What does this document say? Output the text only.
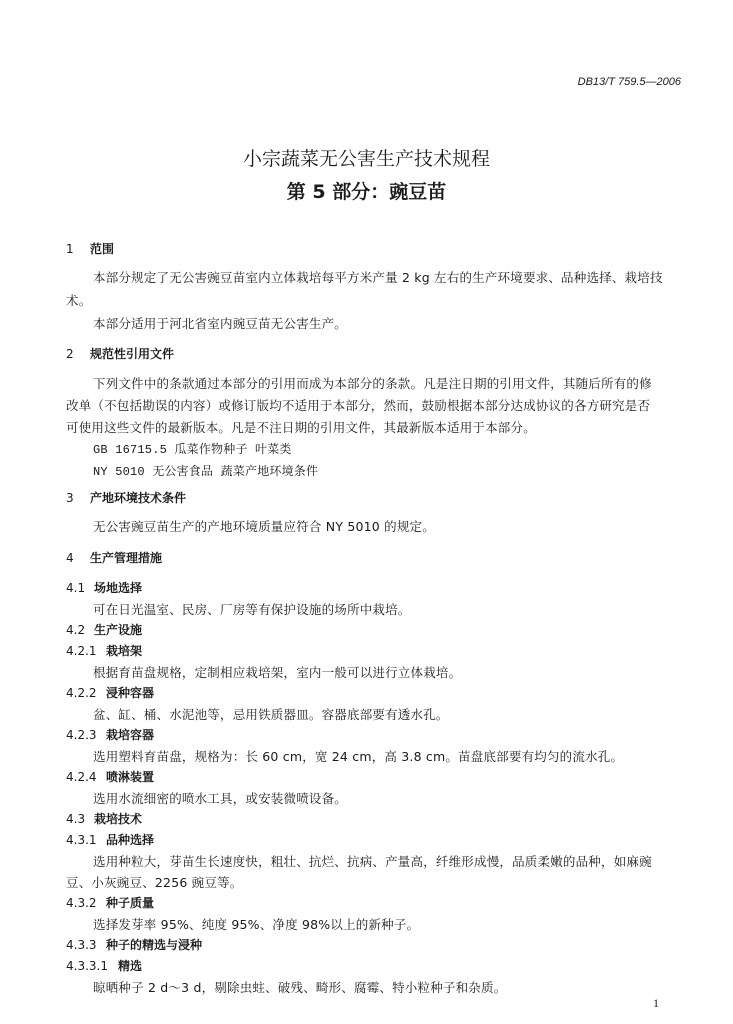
DB13/T 759.5—2006
小宗蔬菜无公害生产技术规程
第 5 部分：豌豆苗
1 范围
本部分规定了无公害豌豆苗室内立体栽培每平方米产量 2 kg 左右的生产环境要求、品种选择、栽培技
术。
本部分适用于河北省室内豌豆苗无公害生产。
2 规范性引用文件
下列文件中的条款通过本部分的引用而成为本部分的条款。凡是注日期的引用文件，其随后所有的修
改单（不包括勘误的内容）或修订版均不适用于本部分，然而，鼓励根据本部分达成协议的各方研究是否
可使用这些文件的最新版本。凡是不注日期的引用文件，其最新版本适用于本部分。
GB 16715.5 瓜菜作物种子 叶菜类
NY 5010 无公害食品 蔬菜产地环境条件
3 产地环境技术条件
无公害豌豆苗生产的产地环境质量应符合 NY 5010 的规定。
4 生产管理措施
4.1 场地选择
可在日光温室、民房、厂房等有保护设施的场所中栽培。
4.2 生产设施
4.2.1 栽培架
根据育苗盘规格，定制相应栽培架，室内一般可以进行立体栽培。
4.2.2 浸种容器
盆、缸、桶、水泥池等，忌用铁质器皿。容器底部要有透水孔。
4.2.3 栽培容器
选用塑料育苗盘，规格为：长 60 cm，宽 24 cm，高 3.8 cm。苗盘底部要有均匀的流水孔。
4.2.4 喷淋装置
选用水流细密的喷水工具，或安装微喷设备。
4.3 栽培技术
4.3.1 品种选择
选用种粒大，芽苗生长速度快，粗壮、抗烂、抗病、产量高，纤维形成慢，品质柔嫩的品种，如麻豌
豆、小灰豌豆、2256 豌豆等。
4.3.2 种子质量
选择发芽率 95%、纯度 95%、净度 98%以上的新种子。
4.3.3 种子的精选与浸种
4.3.3.1 精选
晾晒种子 2 d～3 d，剔除虫蛀、破残、畸形、腐霉、特小粒种子和杂质。
1
